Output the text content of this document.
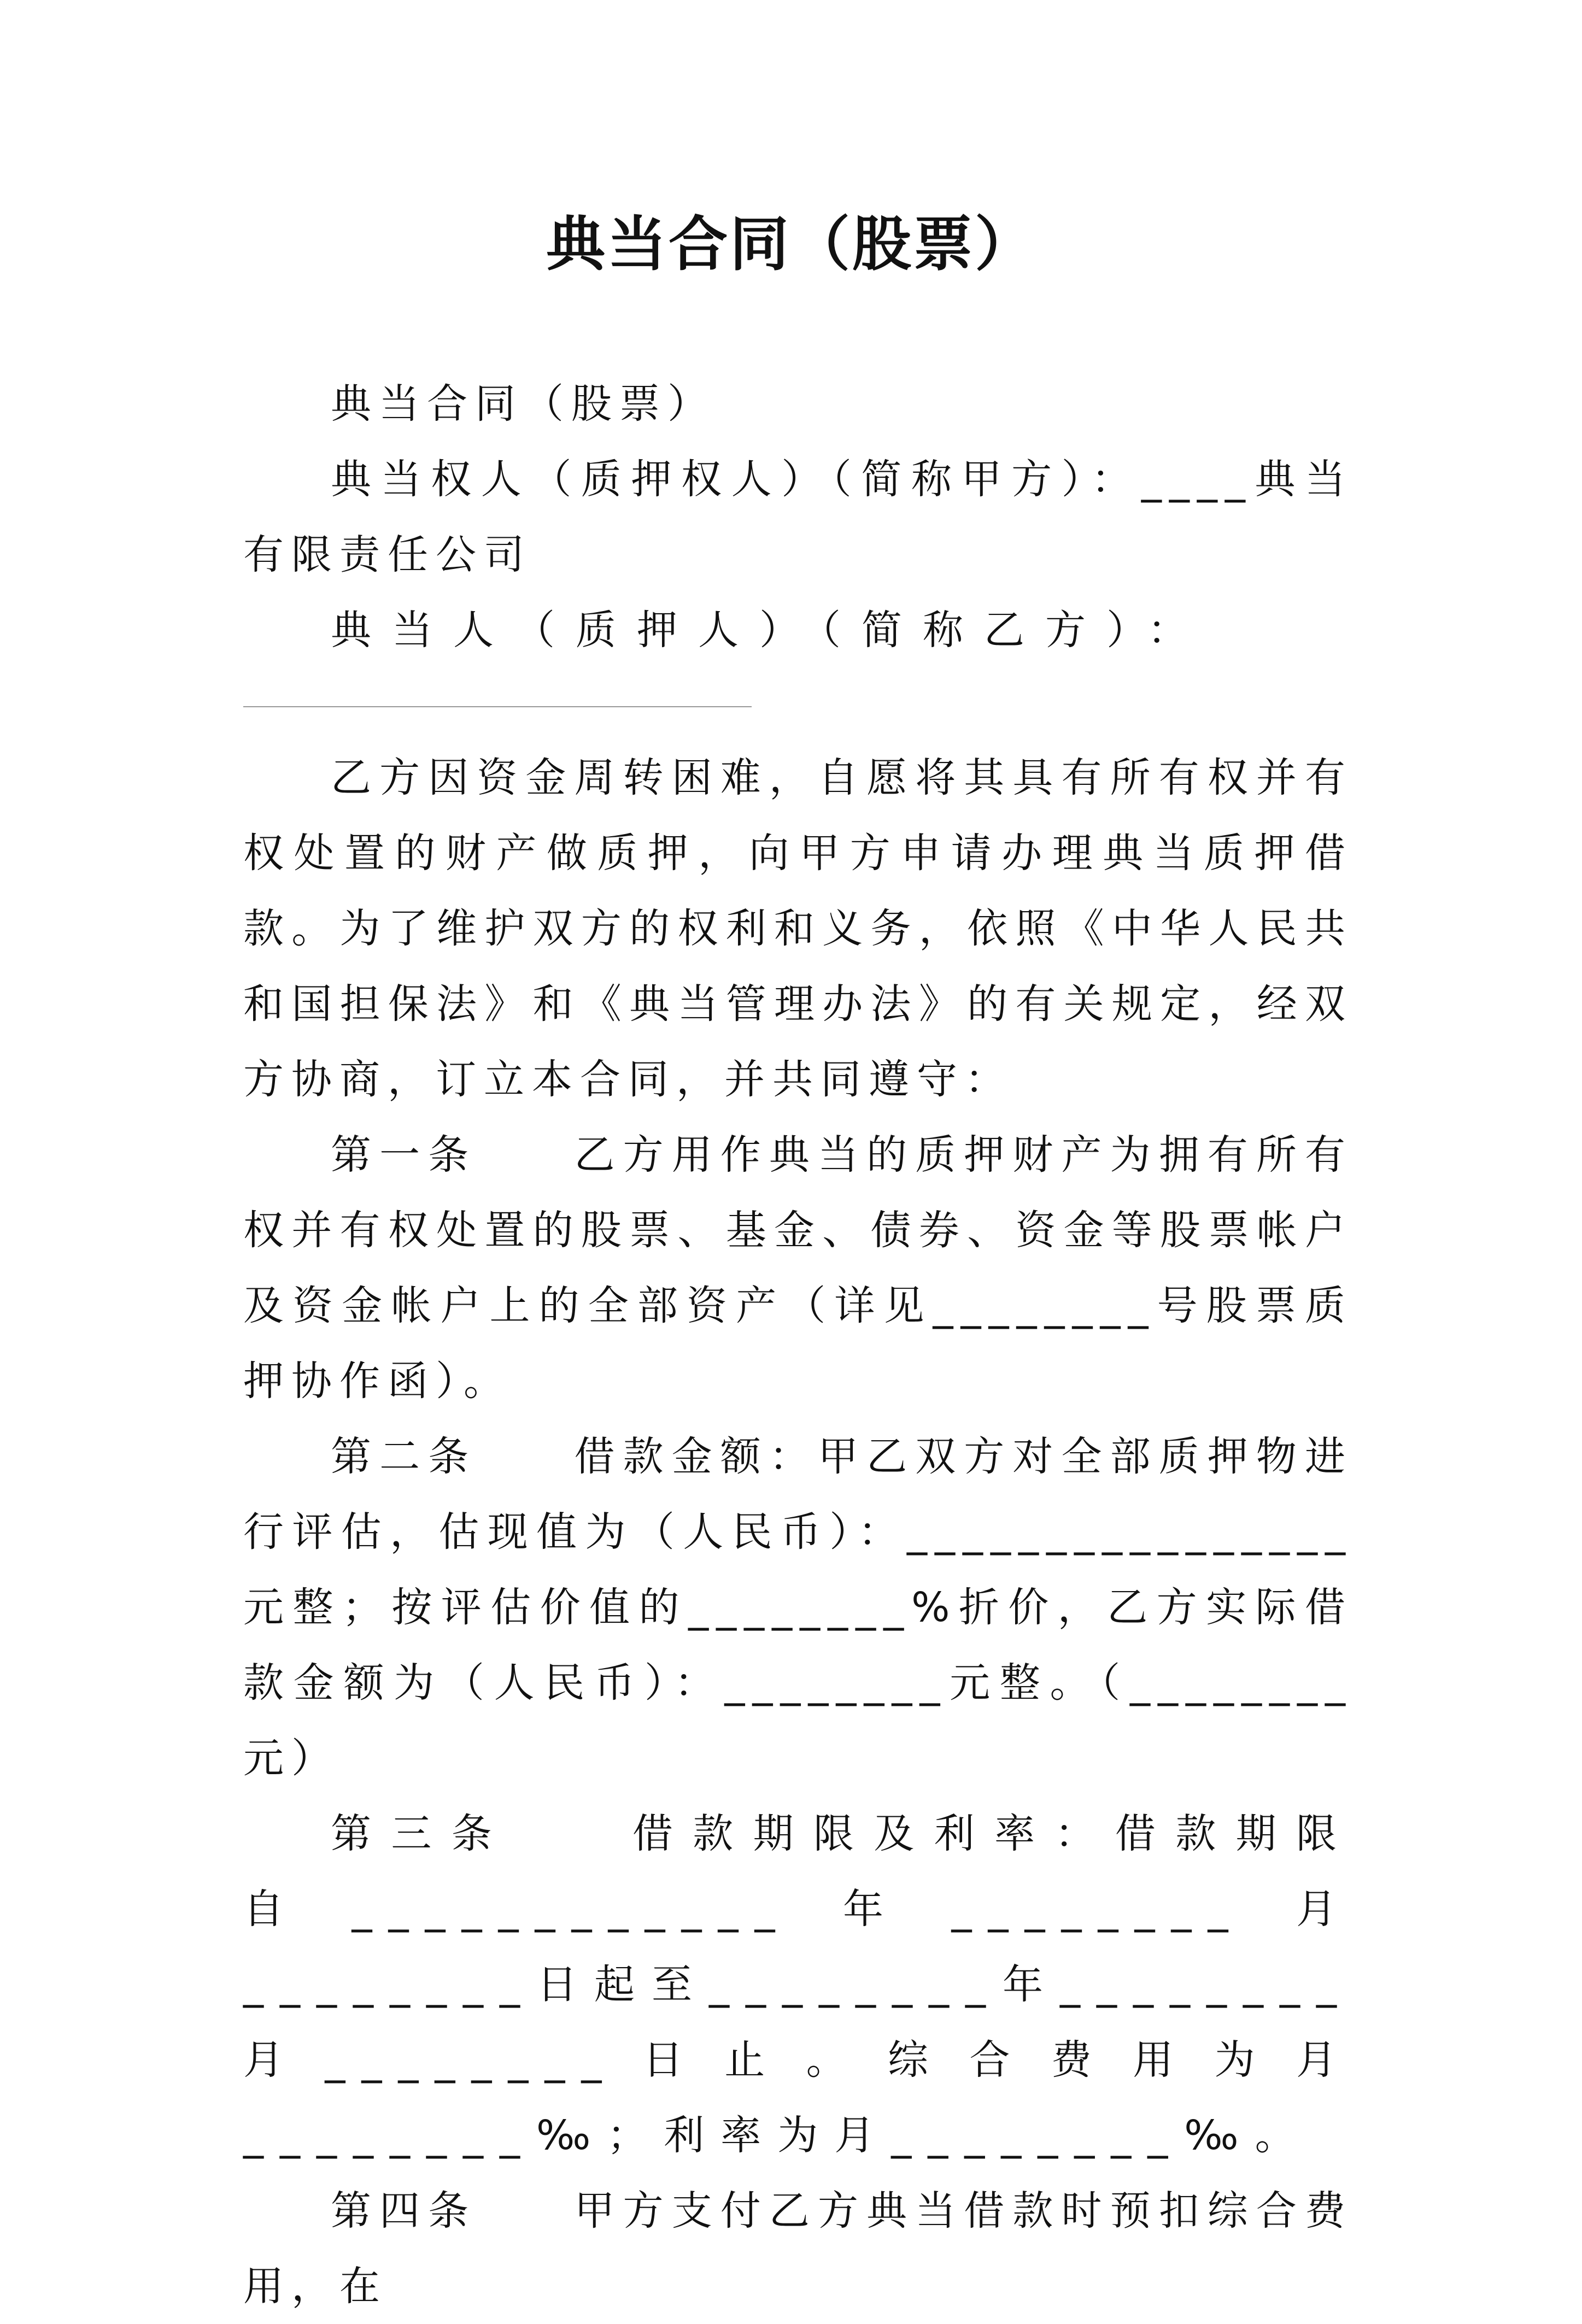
典当合同（股票）

典当合同（股票）

典当权人（质押权人）（简称甲方）：____典当有限责任公司

典当人（质押人）（简称乙方）：

乙方因资金周转困难，自愿将其具有所有权并有权处置的财产做质押，向甲方申请办理典当质押借款。为了维护双方的权利和义务，依照《中华人民共和国担保法》和《典当管理办法》的有关规定，经双方协商，订立本合同，并共同遵守：

第一条　　乙方用作典当的质押财产为拥有所有权并有权处置的股票、基金、债券、资金等股票帐户及资金帐户上的全部资产（详见________号股票质押协作函）。

第二条　　借款金额：甲乙双方对全部质押物进行评估，估现值为（人民币）：________________元整；按评估价值的________%折价，乙方实际借款金额为（人民币）：________元整。（________元）

第三条　　借款期限及利率：借款期限自____________年________月________日起至________年________月________日止。综合费用为月________‰；利率为月________‰。

第四条　　甲方支付乙方典当借款时预扣综合费用，在
